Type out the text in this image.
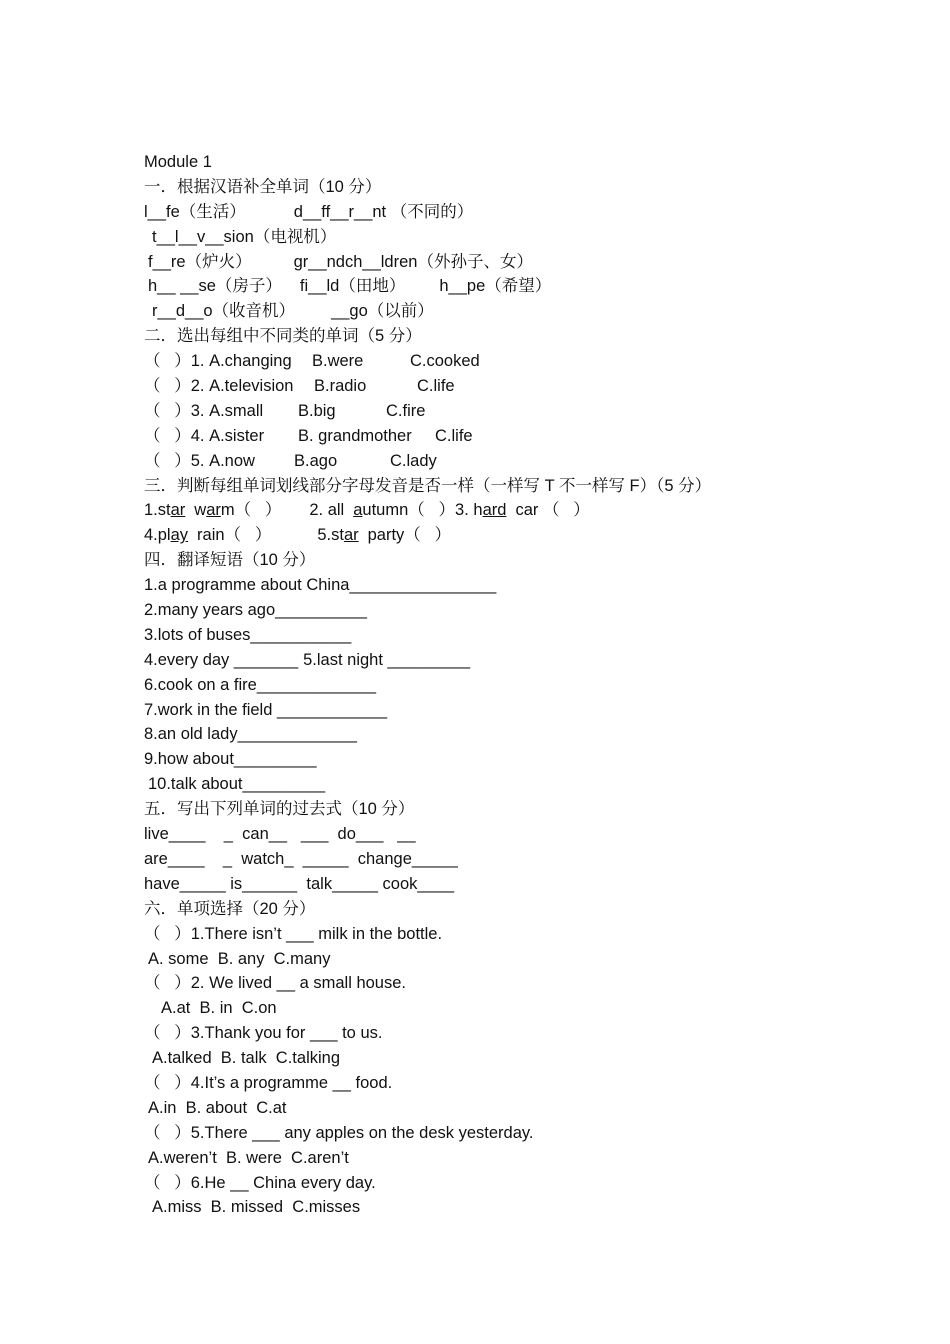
Module 1
一．根据汉语补全单词（10 分）
l__fe（生活）	d__ff__r__nt （不同的）
t__l__v__sion（电视机）
f__re（炉火）	gr__ndch__ldren（外孙子、女）
h__ __se（房子） fi__ld（田地） h__pe（希望）
r__d__o（收音机） __go（以前）
二．选出每组中不同类的单词（5 分）
（   ）1. A.changing B.were	C.cooked
（   ）2. A.television B.radio	C.life
（   ）3. A.small B.big	C.fire
（   ）4. A.sister B. grandmother C.life
（   ）5. A.now B.ago	C.lady
三．判断每组单词划线部分字母发音是否一样（一样写 T 不一样写 F）（5 分）
1.star warm（   ） 2. all autumn（   ）3. hard car （   ）
4.play rain（   ）	5.star party（   ）
四．翻译短语（10 分）
1.a programme about China________________
2.many years ago__________
3.lots of buses___________
4.every day _______ 5.last night _________
6.cook on a fire_____________
7.work in the field ____________
8.an old lady_____________
9.how about_________
10.talk about_________
五．写出下列单词的过去式（10 分）
live____    _  can__   ___  do___   __
are____    _  watch_  _____  change_____
have_____ is______  talk_____ cook____
六．单项选择（20 分）
（   ）1.There isn’t ___ milk in the bottle.
A. some  B. any  C.many
（   ）2. We lived __ a small house.
A.at  B. in  C.on
（   ）3.Thank you for ___ to us.
A.talked  B. talk  C.talking
（   ）4.It’s a programme __ food.
A.in  B. about  C.at
（   ）5.There ___ any apples on the desk yesterday.
A.weren’t  B. were  C.aren’t
（   ）6.He __ China every day.
A.miss  B. missed  C.misses
